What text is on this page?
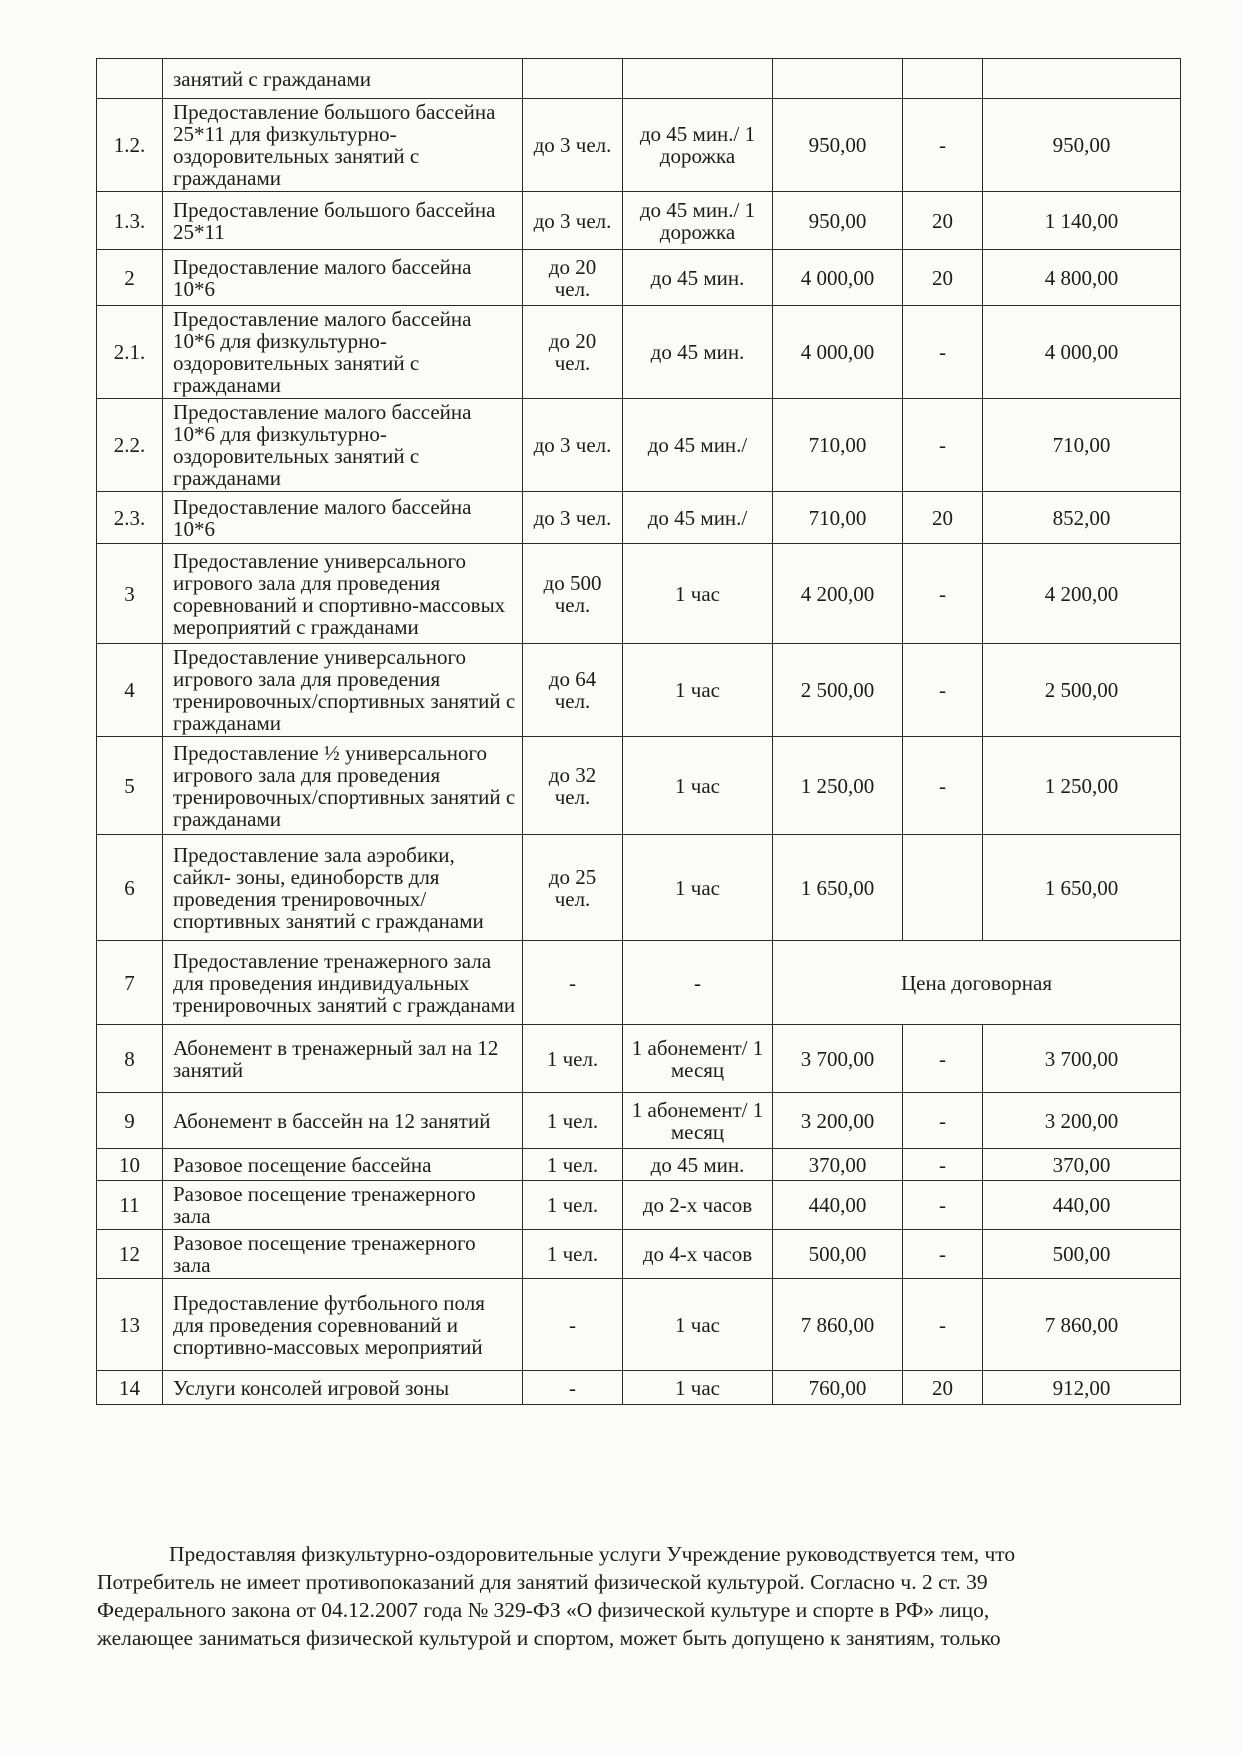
	занятий с гражданами					
1.2.	Предоставление большого бассейна 25*11 для физкультурно-оздоровительных занятий с гражданами	до 3 чел.	до 45 мин./ 1 дорожка	950,00	-	950,00
1.3.	Предоставление большого бассейна 25*11	до 3 чел.	до 45 мин./ 1 дорожка	950,00	20	1 140,00
2	Предоставление малого бассейна 10*6	до 20 чел.	до 45 мин.	4 000,00	20	4 800,00
2.1.	Предоставление малого бассейна 10*6 для физкультурно-оздоровительных занятий с гражданами	до 20 чел.	до 45 мин.	4 000,00	-	4 000,00
2.2.	Предоставление малого бассейна 10*6 для физкультурно-оздоровительных занятий с гражданами	до 3 чел.	до 45 мин./	710,00	-	710,00
2.3.	Предоставление малого бассейна 10*6	до 3 чел.	до 45 мин./	710,00	20	852,00
3	Предоставление универсального игрового зала для проведения соревнований и спортивно-массовых мероприятий с гражданами	до 500 чел.	1 час	4 200,00	-	4 200,00
4	Предоставление универсального игрового зала для проведения тренировочных/спортивных занятий с гражданами	до 64 чел.	1 час	2 500,00	-	2 500,00
5	Предоставление ½ универсального игрового зала для проведения тренировочных/спортивных занятий с гражданами	до 32 чел.	1 час	1 250,00	-	1 250,00
6	Предоставление зала аэробики, сайкл- зоны, единоборств для проведения тренировочных/спортивных занятий с гражданами	до 25 чел.	1 час	1 650,00		1 650,00
7	Предоставление тренажерного зала для проведения индивидуальных тренировочных занятий с гражданами	-	-	Цена договорная		
8	Абонемент в тренажерный зал на 12 занятий	1 чел.	1 абонемент/ 1 месяц	3 700,00	-	3 700,00
9	Абонемент в бассейн на 12 занятий	1 чел.	1 абонемент/ 1 месяц	3 200,00	-	3 200,00
10	Разовое посещение бассейна	1 чел.	до 45 мин.	370,00	-	370,00
11	Разовое посещение тренажерного зала	1 чел.	до 2-х часов	440,00	-	440,00
12	Разовое посещение тренажерного зала	1 чел.	до 4-х часов	500,00	-	500,00
13	Предоставление футбольного поля для проведения соревнований и спортивно-массовых мероприятий	-	1 час	7 860,00	-	7 860,00
14	Услуги консолей игровой зоны	-	1 час	760,00	20	912,00

Предоставляя физкультурно-оздоровительные услуги Учреждение руководствуется тем, что
Потребитель не имеет противопоказаний для занятий физической культурой. Согласно ч. 2 ст. 39
Федерального закона от 04.12.2007 года № 329-ФЗ «О физической культуре и спорте в РФ» лицо,
желающее заниматься физической культурой и спортом, может быть допущено к занятиям, только
